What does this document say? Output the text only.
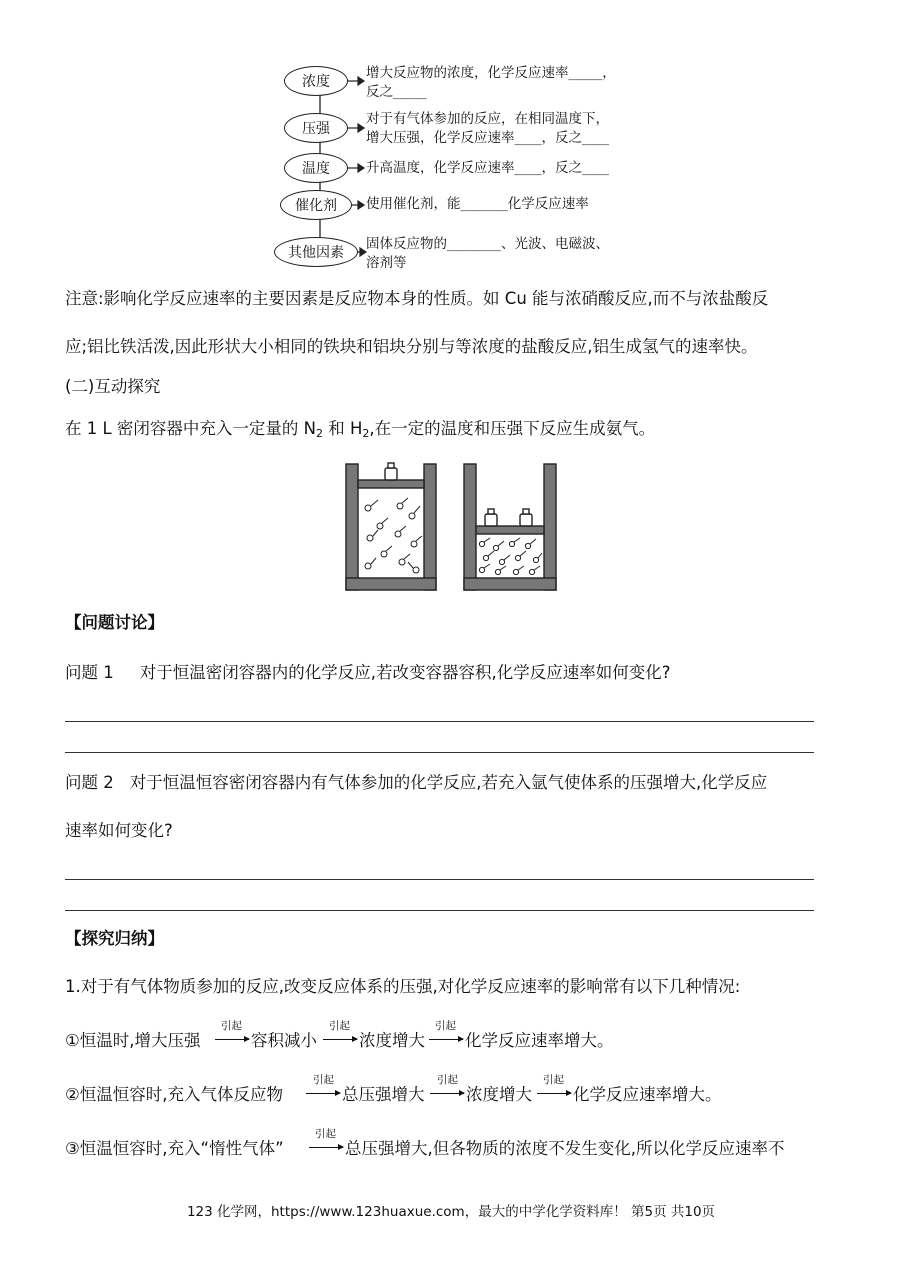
浓度
压强
温度
催化剂
其他因素
增大反应物的浓度，化学反应速率_____，
反之_____
对于有气体参加的反应，在相同温度下，
增大压强，化学反应速率____，反之____
升高温度，化学反应速率____，反之____
使用催化剂，能_______化学反应速率
固体反应物的________、光波、电磁波、
溶剂等
注意:影响化学反应速率的主要因素是反应物本身的性质。如 Cu 能与浓硝酸反应,而不与浓盐酸反
应;铝比铁活泼,因此形状大小相同的铁块和铝块分别与等浓度的盐酸反应,铝生成氢气的速率快。
(二)互动探究
在 1 L 密闭容器中充入一定量的 $N_2$ 和 $H_2$,在一定的温度和压强下反应生成氨气。
【问题讨论】
问题 1 对于恒温密闭容器内的化学反应,若改变容器容积,化学反应速率如何变化?
问题 2 对于恒温恒容密闭容器内有气体参加的化学反应,若充入氩气使体系的压强增大,化学反应
速率如何变化?
【探究归纳】
1.对于有气体物质参加的反应,改变反应体系的压强,对化学反应速率的影响常有以下几种情况:
①恒温时,增大压强
引起
容积减小
引起
浓度增大
引起
化学反应速率增大。
②恒温恒容时,充入气体反应物
引起
总压强增大
引起
浓度增大
引起
化学反应速率增大。
③恒温恒容时,充入“惰性气体”
引起
总压强增大,但各物质的浓度不发生变化,所以化学反应速率不
123 化学网，https://www.123huaxue.com，最大的中学化学资料库！ 第5页 共10页
